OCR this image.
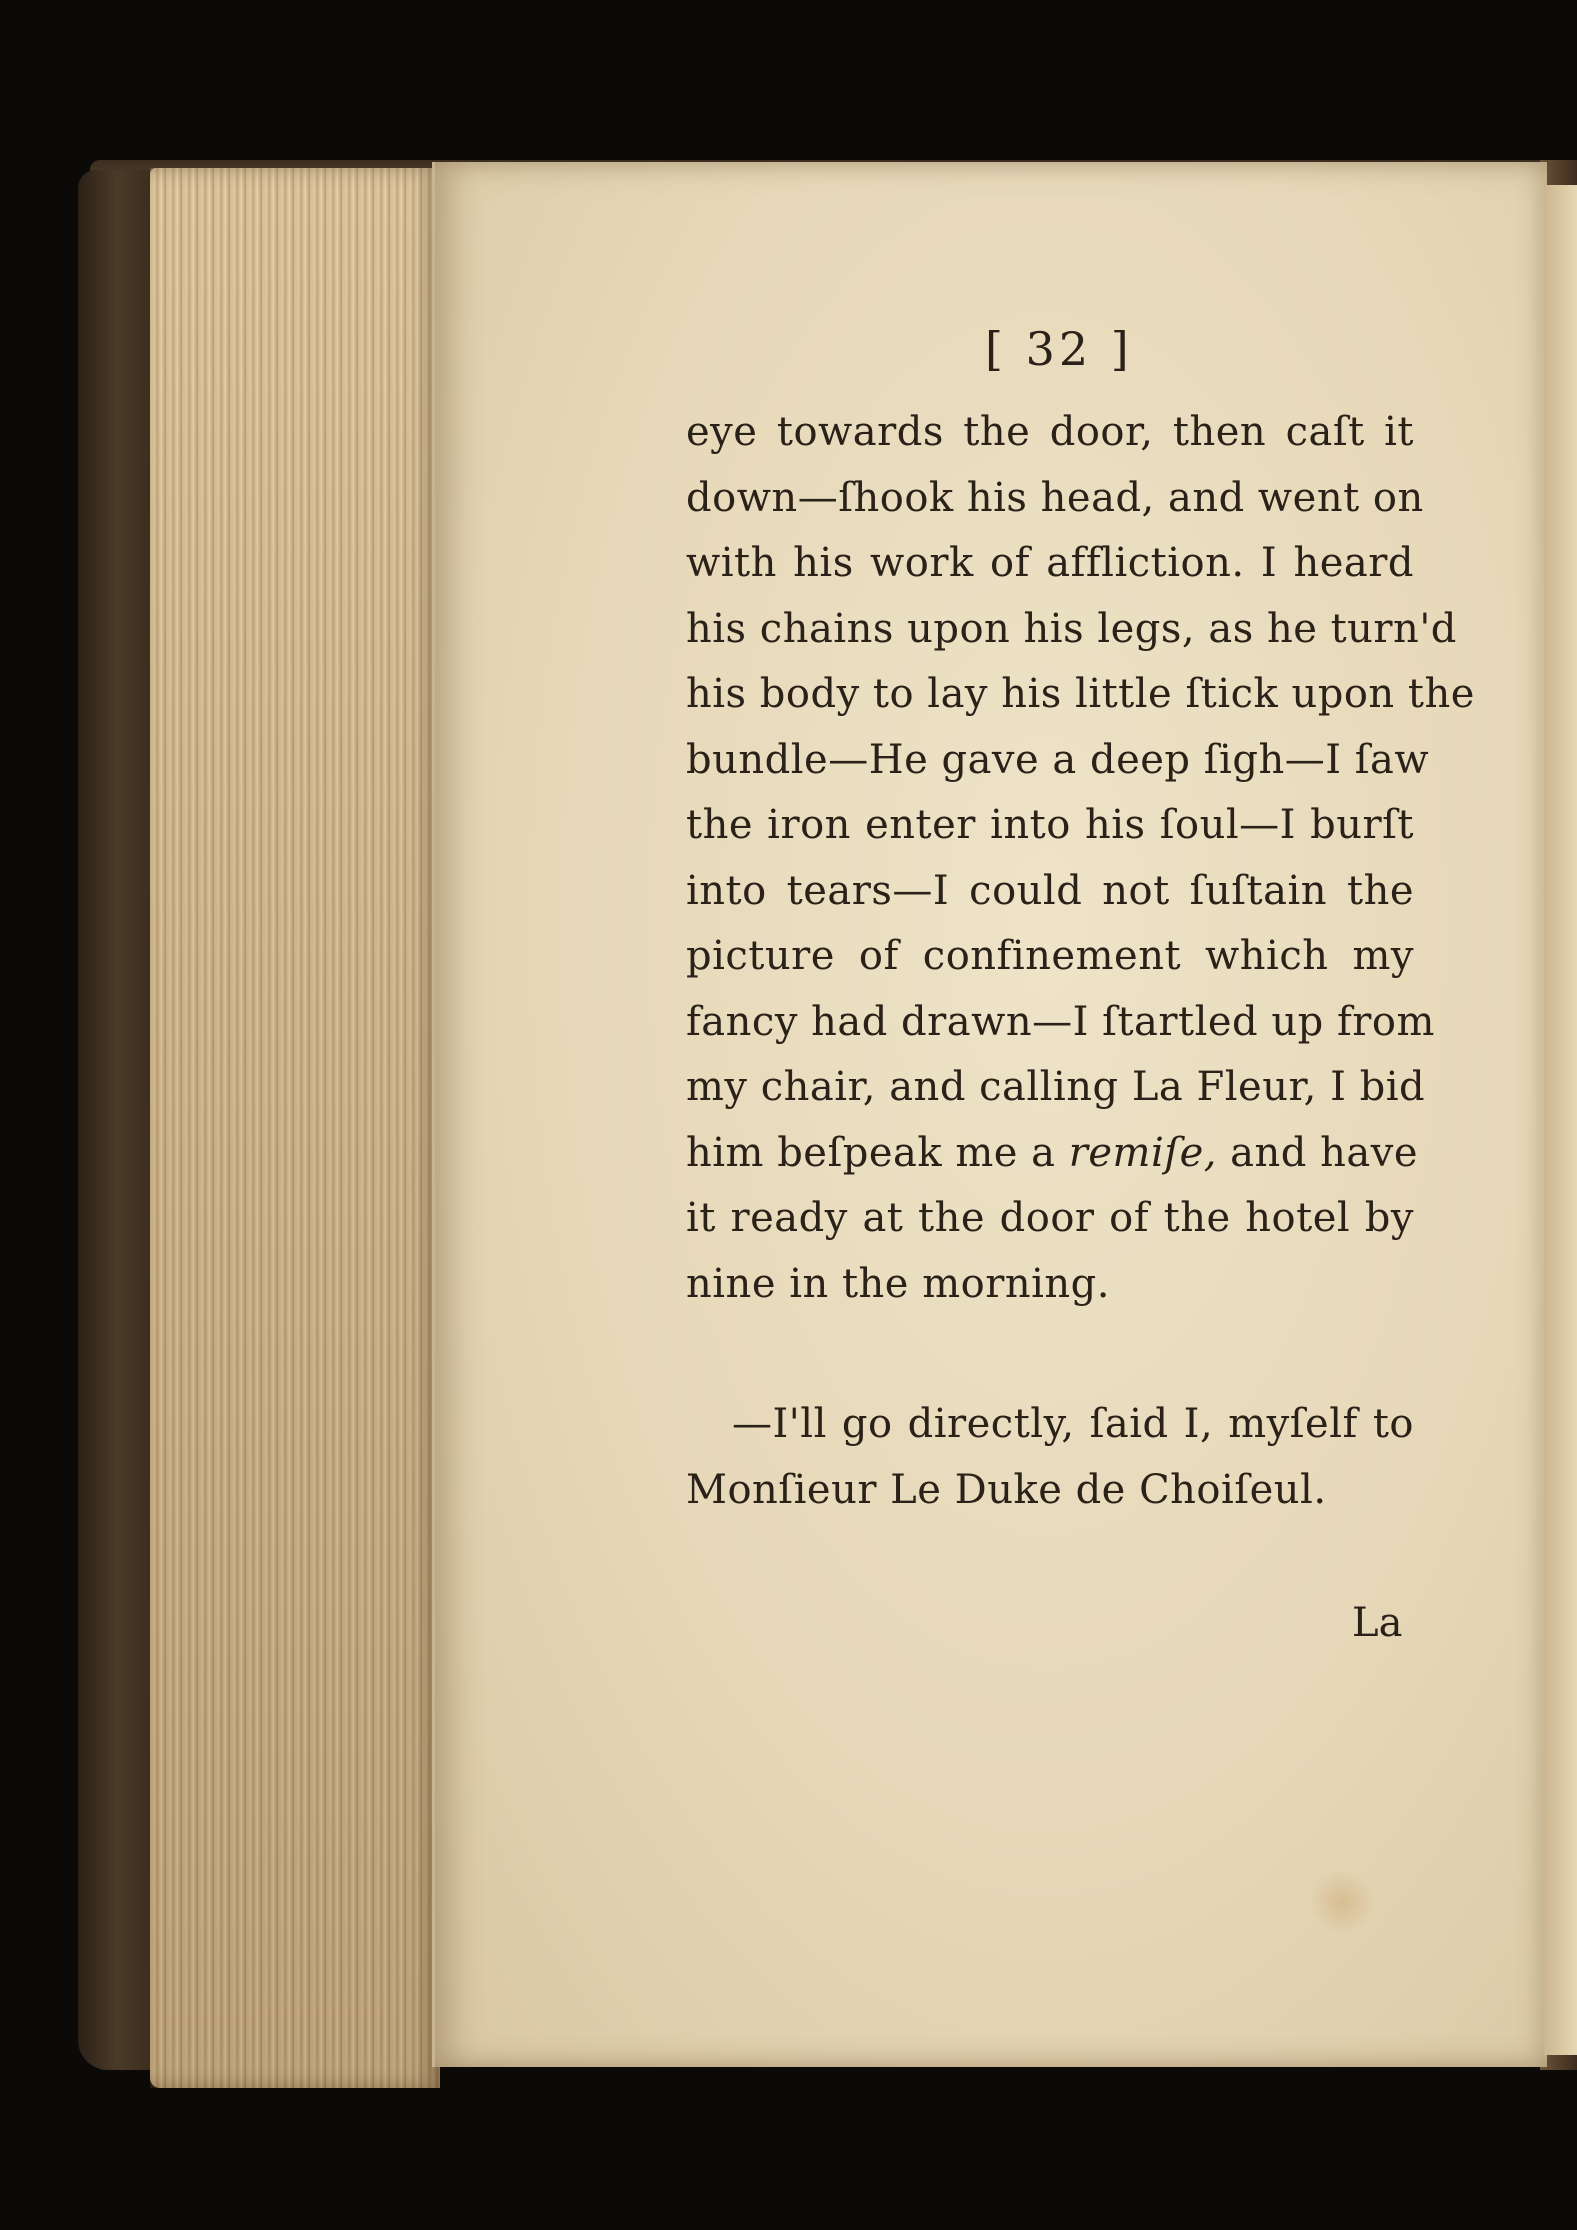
[ 32 ]
eye towards the door, then caſt it
down—ſhook his head, and went on
with his work of affliction. I heard
his chains upon his legs, as he turn'd
his body to lay his little ſtick upon the
bundle—He gave a deep ſigh—I ſaw
the iron enter into his ſoul—I burſt
into tears—I could not ſuſtain the
picture of confinement which my
fancy had drawn—I ſtartled up from
my chair, and calling La Fleur, I bid
him beſpeak me a remiſe, and have
it ready at the door of the hotel by
nine in the morning.
—I'll go directly, ſaid I, myſelf to
Monſieur Le Duke de Choiſeul.
La
